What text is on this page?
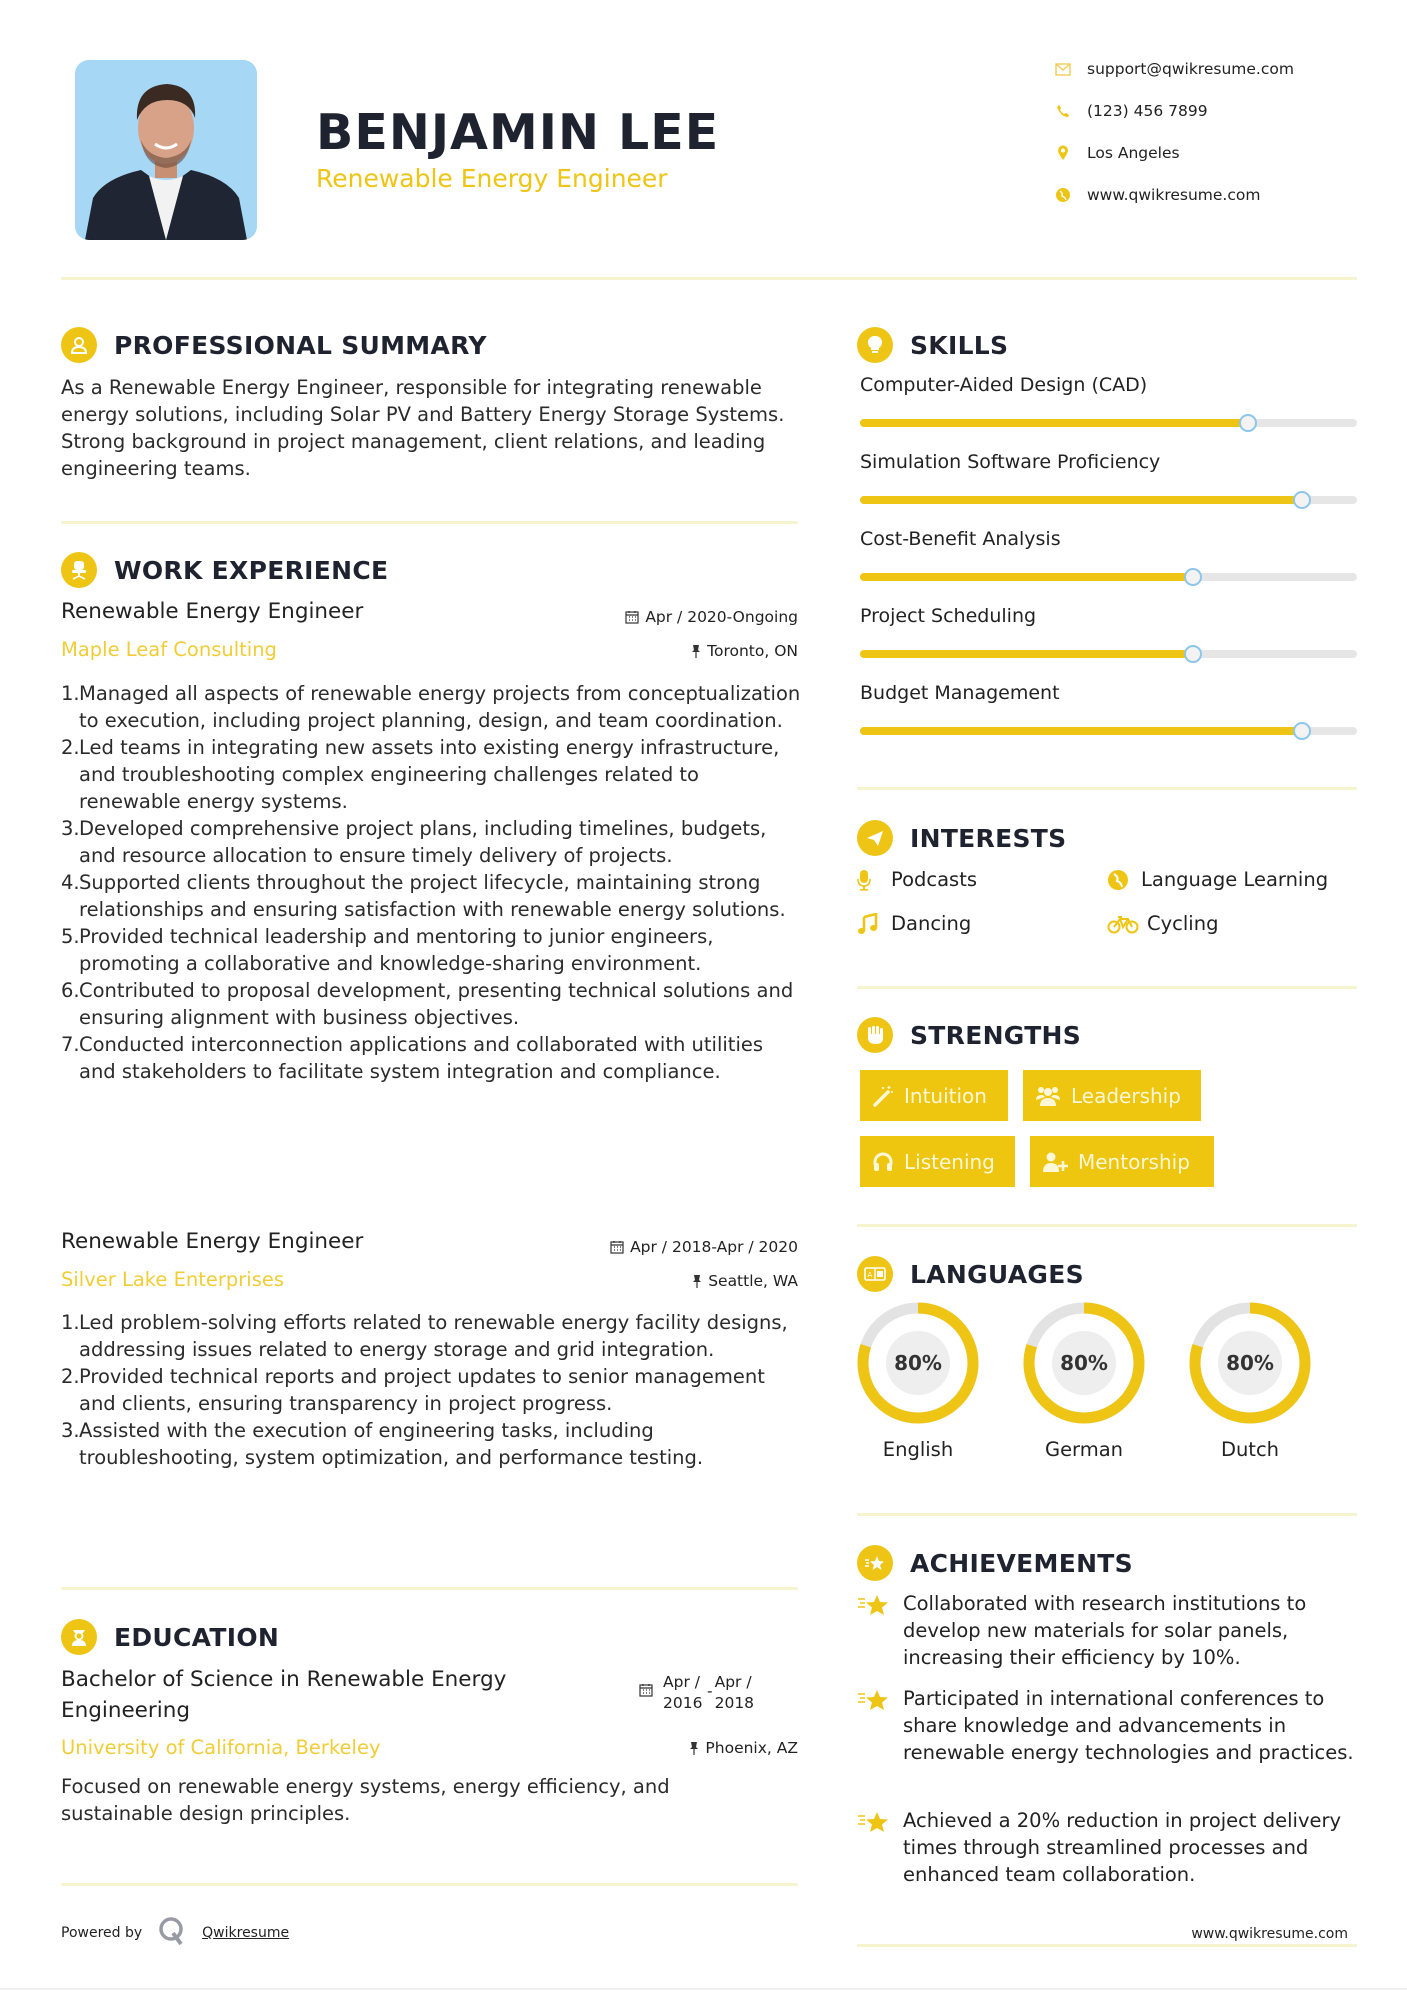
BENJAMIN LEE
Renewable Energy Engineer
support@qwikresume.com
(123) 456 7899
Los Angeles
www.qwikresume.com
PROFESSIONAL SUMMARY
As a Renewable Energy Engineer, responsible for integrating renewable energy solutions, including Solar PV and Battery Energy Storage Systems. Strong background in project management, client relations, and leading engineering teams.
WORK EXPERIENCE
Renewable Energy Engineer	Apr / 2020-Ongoing
Maple Leaf Consulting	Toronto, ON
1. Managed all aspects of renewable energy projects from conceptualization to execution, including project planning, design, and team coordination.
2. Led teams in integrating new assets into existing energy infrastructure, and troubleshooting complex engineering challenges related to renewable energy systems.
3. Developed comprehensive project plans, including timelines, budgets, and resource allocation to ensure timely delivery of projects.
4. Supported clients throughout the project lifecycle, maintaining strong relationships and ensuring satisfaction with renewable energy solutions.
5. Provided technical leadership and mentoring to junior engineers, promoting a collaborative and knowledge-sharing environment.
6. Contributed to proposal development, presenting technical solutions and ensuring alignment with business objectives.
7. Conducted interconnection applications and collaborated with utilities and stakeholders to facilitate system integration and compliance.
Renewable Energy Engineer	Apr / 2018-Apr / 2020
Silver Lake Enterprises	Seattle, WA
1. Led problem-solving efforts related to renewable energy facility designs, addressing issues related to energy storage and grid integration.
2. Provided technical reports and project updates to senior management and clients, ensuring transparency in project progress.
3. Assisted with the execution of engineering tasks, including troubleshooting, system optimization, and performance testing.
EDUCATION
Bachelor of Science in Renewable Energy Engineering
Apr / 2016
- Apr / 2018
University of California, Berkeley	Phoenix, AZ
Focused on renewable energy systems, energy efficiency, and sustainable design principles.
SKILLS
Computer-Aided Design (CAD)
Simulation Software Proficiency
Cost-Benefit Analysis
Project Scheduling
Budget Management
INTERESTS
Podcasts	Language Learning
Dancing	Cycling
STRENGTHS
Intuition	Leadership
Listening	Mentorship
A LANGUAGES
80%
English
80%
German
80%
Dutch
ACHIEVEMENTS
Collaborated with research institutions to develop new materials for solar panels, increasing their efficiency by 10%.
Participated in international conferences to share knowledge and advancements in renewable energy technologies and practices.
Achieved a 20% reduction in project delivery times through streamlined processes and enhanced team collaboration.
Powered by	Qwikresume	www.qwikresume.com
